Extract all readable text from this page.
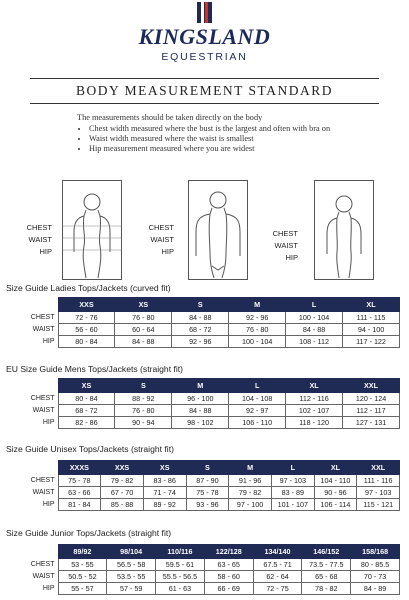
KINGSLAND
EQUESTRIAN
BODY MEASUREMENT STANDARD

The measurements should be taken directly on the body

• Chest width measured where the bust is the largest and often with bra on
• Waist width measured where the waist is smallest
• Hip measurement measured where you are widest
CHEST
WAIST
HIP
CHEST
WAIST
HIP
CHEST
WAIST
HIP
Size Guide Ladies Tops/Jackets (curved fit)
	XXS	XS	S	M	L	XL
CHEST	72 - 76	76 - 80	84 - 88	92 - 96	100 - 104	111 - 115
WAIST	56 - 60	60 - 64	68 - 72	76 - 80	84 - 88	94 - 100
HIP	80 - 84	84 - 88	92 - 96	100 - 104	108 - 112	117 - 122
EU Size Guide Mens Tops/Jackets (straight fit)
	XS	S	M	L	XL	XXL
CHEST	80 - 84	88 - 92	96 - 100	104 - 108	112 - 116	120 - 124
WAIST	68 - 72	76 - 80	84 - 88	92 - 97	102 - 107	112 - 117
HIP	82 - 86	90 - 94	98 - 102	106 - 110	118 - 120	127 - 131
Size Guide Unisex Tops/Jackets (straight fit)
	XXXS	XXS	XS	S	M	L	XL	XXL
CHEST	75 - 78	79 - 82	83 - 86	87 - 90	91 - 96	97 - 103	104 - 110	111 - 116
WAIST	63 - 66	67 - 70	71 - 74	75 - 78	79 - 82	83 - 89	90 - 96	97 - 103
HIP	81 - 84	85 - 88	89 - 92	93 - 96	97 - 100	101 - 107	106 - 114	115 - 121
Size Guide Junior Tops/Jackets (straight fit)
	89/92	98/104	110/116	122/128	134/140	146/152	158/168
CHEST	53 - 55	56.5 - 58	59.5 - 61	63 - 65	67.5 - 71	73.5 - 77.5	80 - 85.5
WAIST	50.5 - 52	53.5 - 55	55.5 - 56.5	58 - 60	62 - 64	65 - 68	70 - 73
HIP	55 - 57	57 - 59	61 - 63	66 - 69	72 - 75	78 - 82	84 - 89
